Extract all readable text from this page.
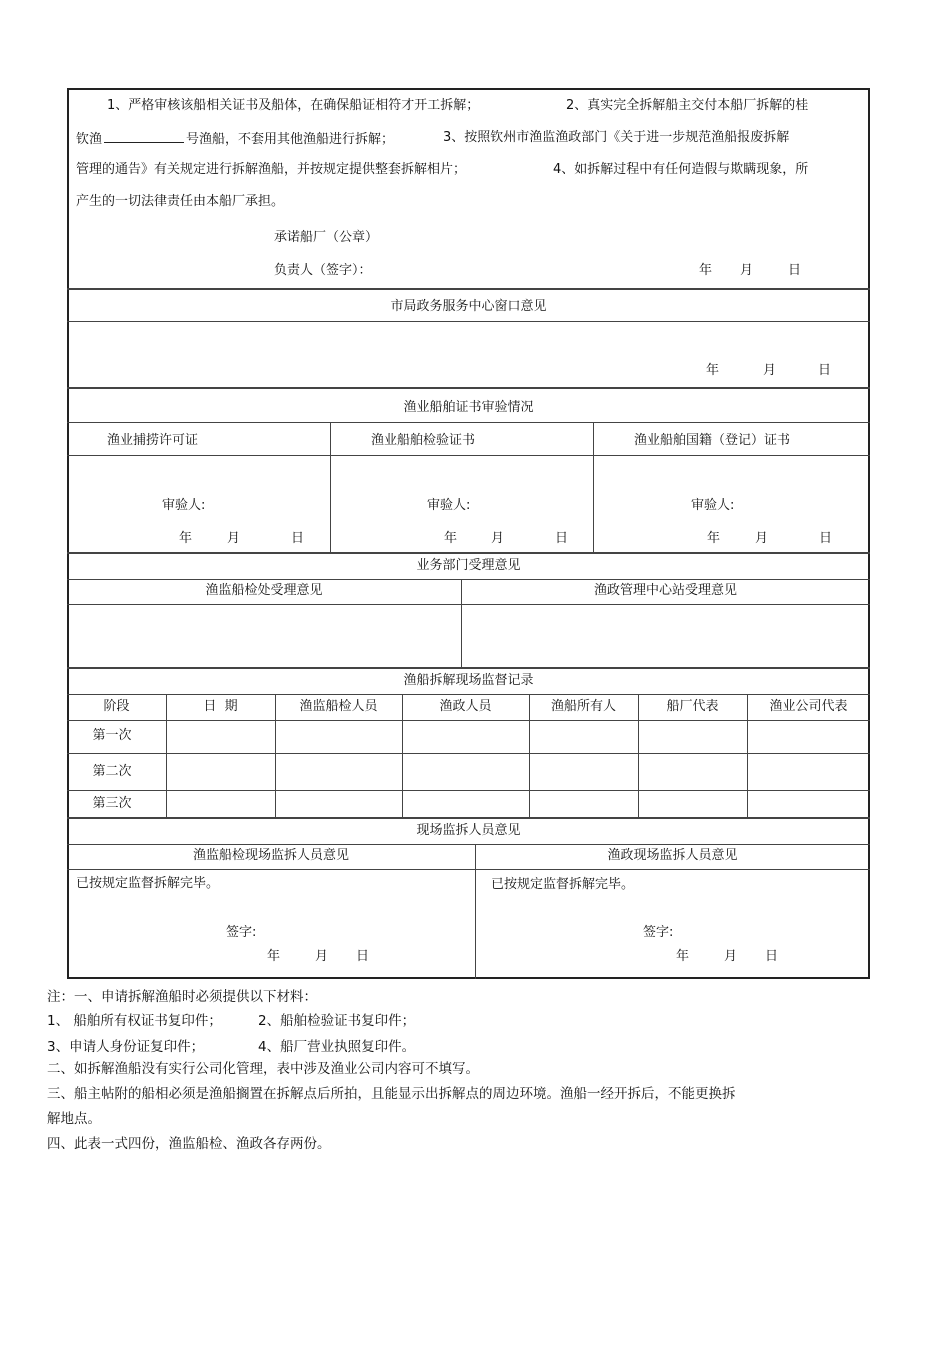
1、严格审核该船相关证书及船体，在确保船证相符才开工拆解；	2、真实完全拆解船主交付本船厂拆解的桂
钦渔	号渔船，不套用其他渔船进行拆解；	3、按照钦州市渔监渔政部门《关于进一步规范渔船报废拆解
管理的通告》有关规定进行拆解渔船，并按规定提供整套拆解相片；	4、如拆解过程中有任何造假与欺瞒现象，所
产生的一切法律责任由本船厂承担。
承诺船厂（公章）
负责人（签字）：	年 月	日
市局政务服务中心窗口意见
年	月	日
渔业船舶证书审验情况
渔业捕捞许可证	渔业船舶检验证书	渔业船舶国籍（登记）证书
审验人:	审验人:	审验人:
年	月	日	年	月	日	年	月	日
业务部门受理意见
渔监船检处受理意见	渔政管理中心站受理意见
渔船拆解现场监督记录
阶段	日  期	渔监船检人员	渔政人员	渔船所有人	船厂代表	渔业公司代表
第一次
第二次
第三次
现场监拆人员意见
渔监船检现场监拆人员意见	渔政现场监拆人员意见
已按规定监督拆解完毕。	已按规定监督拆解完毕。
签字:	签字:
年	月 日	年	月 日
注：一、申请拆解渔船时必须提供以下材料：
1、 船舶所有权证书复印件；	2、船舶检验证书复印件；
3、申请人身份证复印件；	4、船厂营业执照复印件。
二、如拆解渔船没有实行公司化管理，表中涉及渔业公司内容可不填写。
三、船主帖附的船相必须是渔船搁置在拆解点后所拍，且能显示出拆解点的周边环境。渔船一经开拆后，不能更换拆
解地点。
四、此表一式四份，渔监船检、渔政各存两份。
